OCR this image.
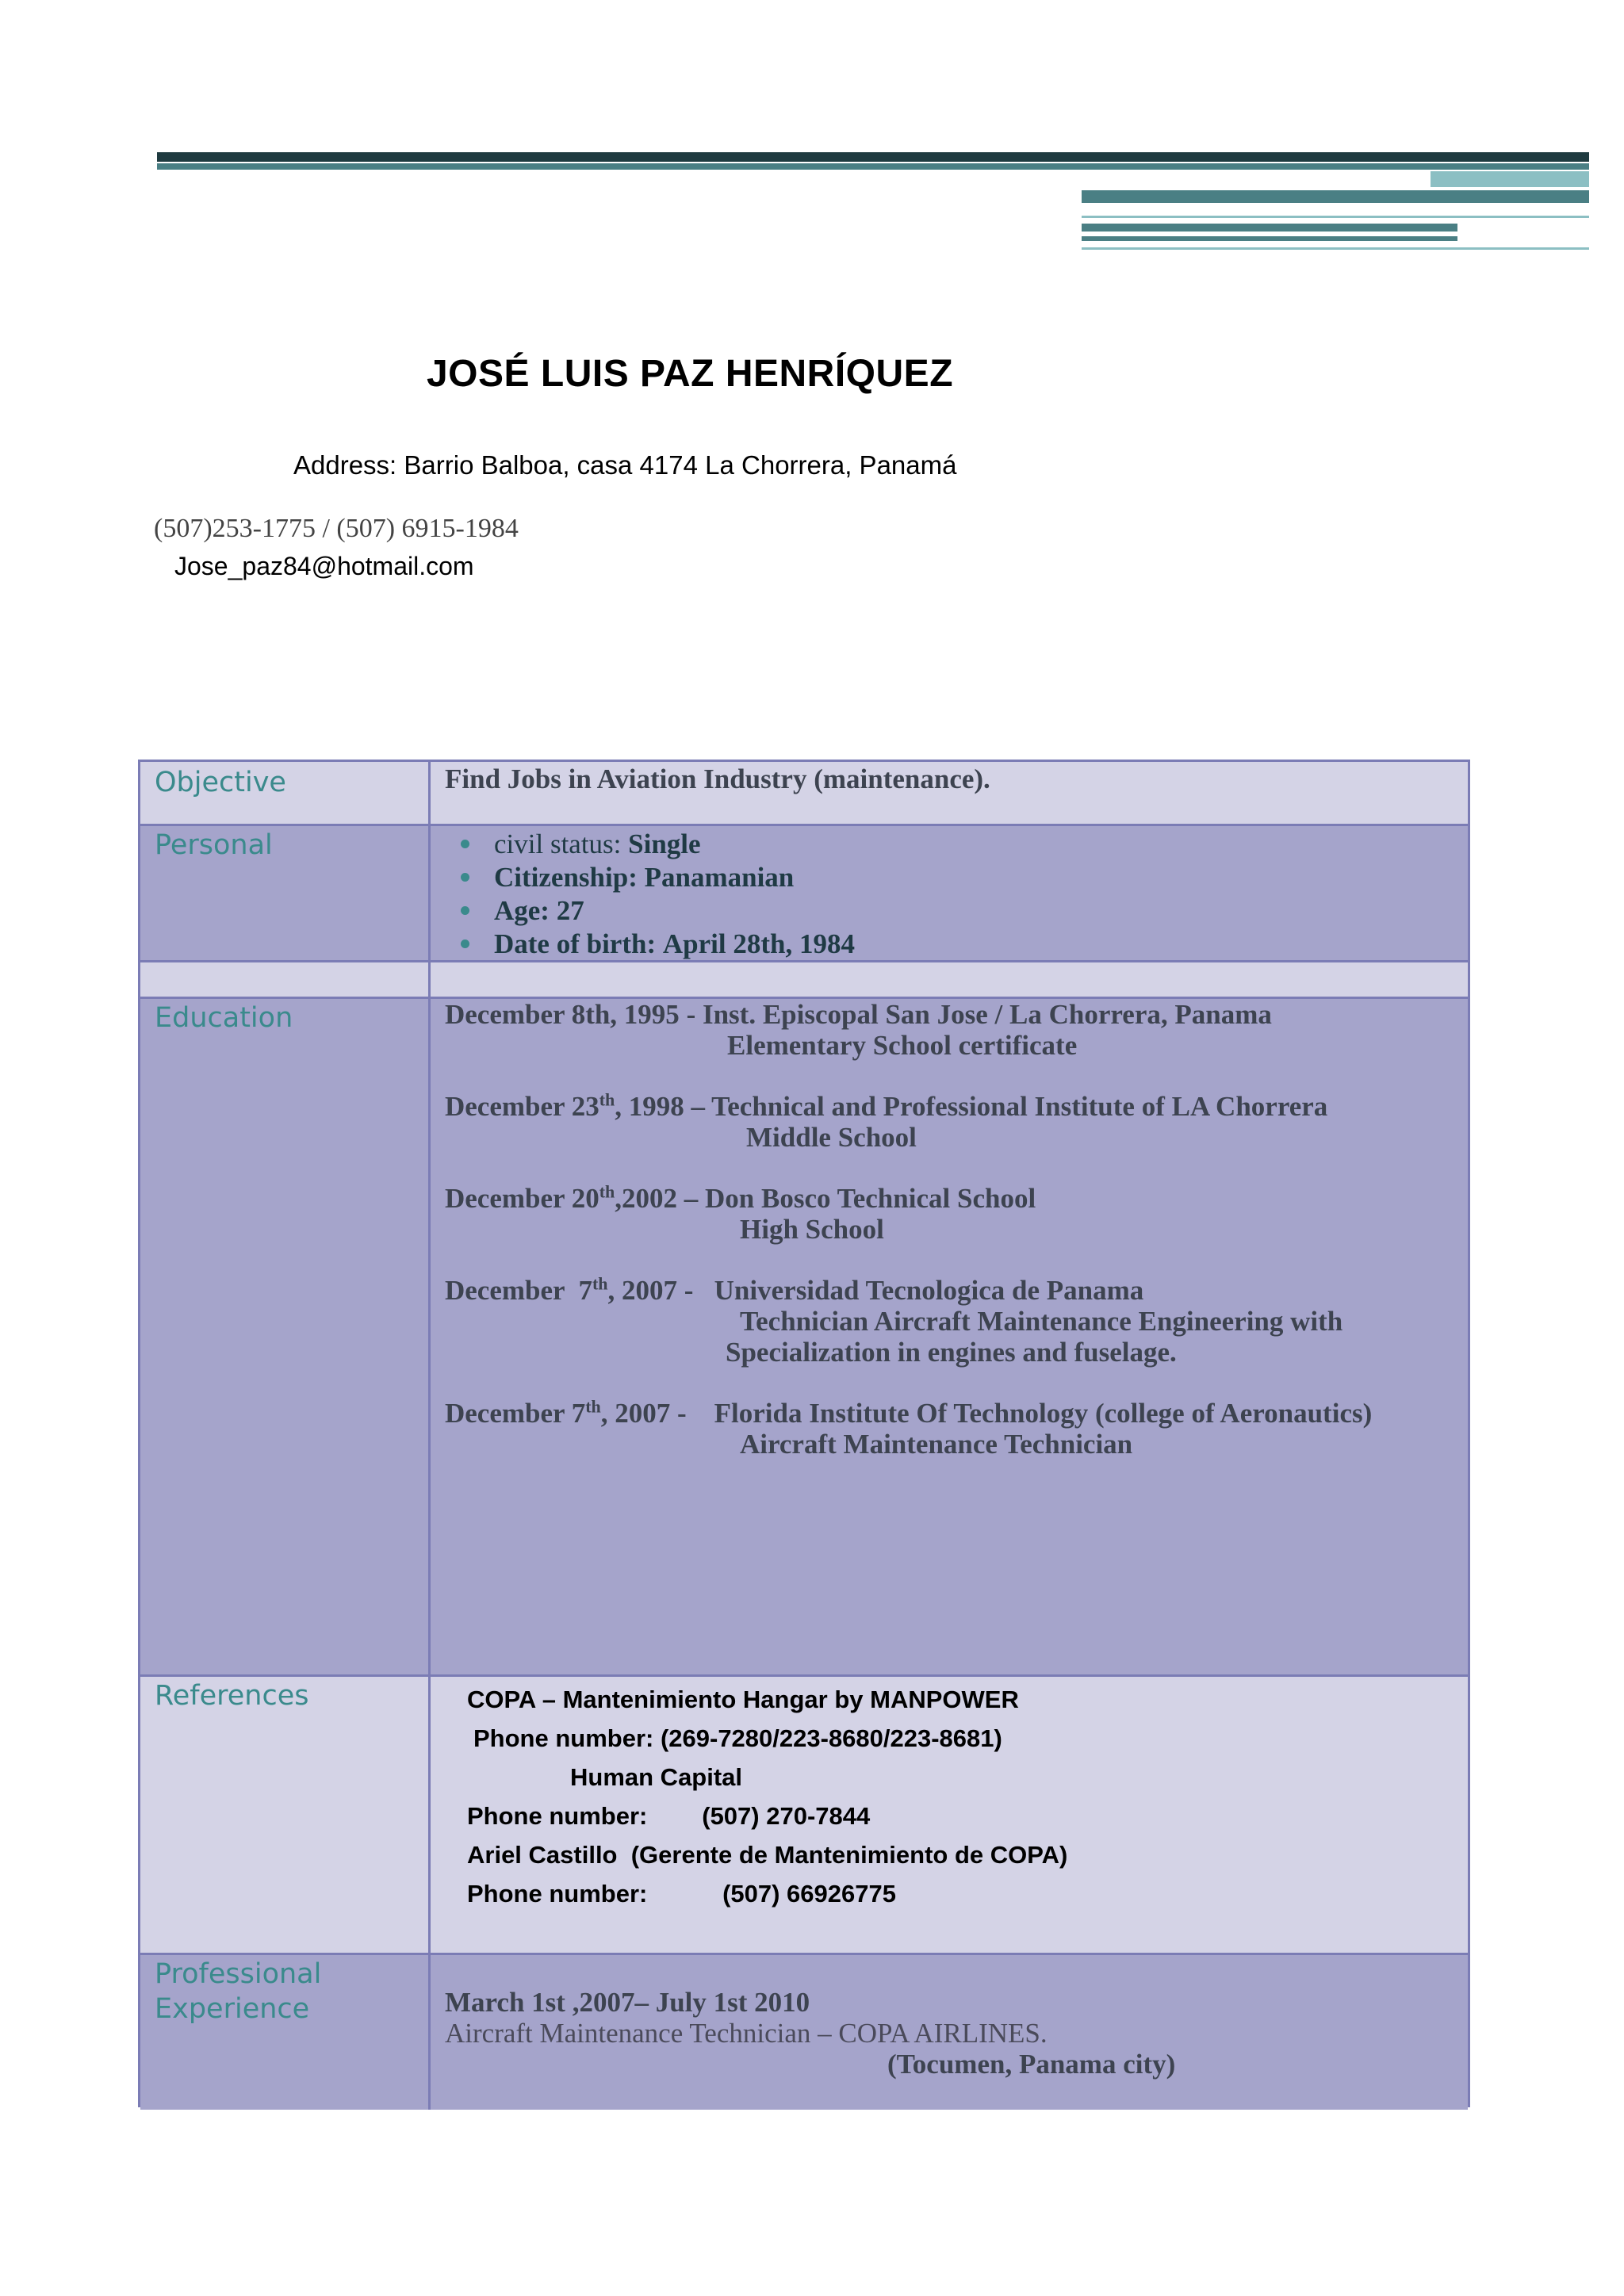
JOSÉ LUIS PAZ HENRÍQUEZ
Address: Barrio Balboa, casa 4174 La Chorrera, Panamá
(507)253-1775 / (507) 6915-1984
Jose_paz84@hotmail.com
Objective	Find Jobs in Aviation Industry (maintenance).
Personal	civil status: Single
Citizenship: Panamanian
Age: 27
Date of birth: April 28th, 1984
Education	December 8th, 1995 - Inst. Episcopal San Jose / La Chorrera, Panama
Elementary School certificate
December 23th, 1998 – Technical and Professional Institute of LA Chorrera
Middle School
December 20th,2002 – Don Bosco Technical School
High School
December  7th, 2007 -   Universidad Tecnologica de Panama
Technician Aircraft Maintenance Engineering with
Specialization in engines and fuselage.
December 7th, 2007 -    Florida Institute Of Technology (college of Aeronautics)
Aircraft Maintenance Technician
References	COPA – Mantenimiento Hangar by MANPOWER
Phone number: (269-7280/223-8680/223-8681)
Human Capital
Phone number:        (507) 270-7844
Ariel Castillo  (Gerente de Mantenimiento de COPA)
Phone number:           (507) 66926775
Professional Experience	March 1st ,2007– July 1st 2010
Aircraft Maintenance Technician – COPA AIRLINES.
(Tocumen, Panama city)
